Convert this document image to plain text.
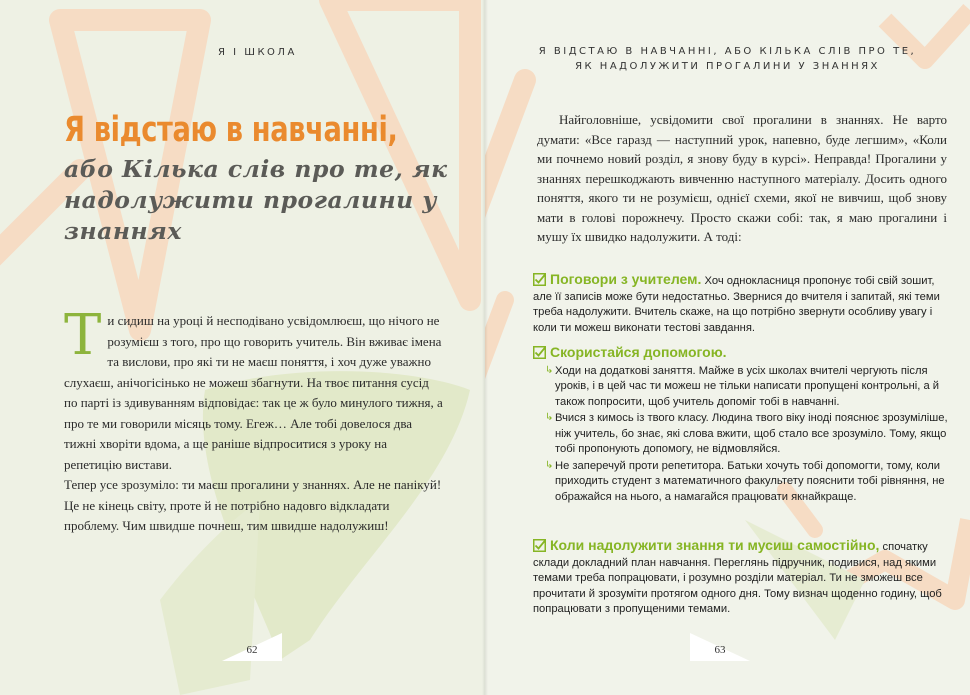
Я І ШКОЛА
Я відстаю в навчанні,
або Кілька слів про те, як надолужити прогалини у знаннях
Т и сидиш на уроці й несподівано усвідомлюєш, що нічого не розумієш з того, про що говорить учитель. Він вживає імена та вислови, про які ти не маєш поняття, і хоч дуже уважно слухаєш, анічогісінько не можеш збагнути. На твоє питання сусід по парті із здивуванням відповідає: так це ж було минулого тижня, а про те ми говорили місяць тому. Егеж… Але тобі довелося два тижні хворіти вдома, а ще раніше відпроситися з уроку на репетицію вистави.

Тепер усе зрозуміло: ти маєш прогалини у знаннях. Але не панікуй! Це не кінець світу, проте й не потрібно надовго відкладати проблему. Чим швидше почнеш, тим швидше надолужиш!

62
Я ВІДСТАЮ В НАВЧАННІ, АБО КІЛЬКА СЛІВ ПРО ТЕ,
ЯК НАДОЛУЖИТИ ПРОГАЛИНИ У ЗНАННЯХ

Найголовніше, усвідомити свої прогалини в знаннях. Не варто думати: «Все гаразд — наступний урок, напевно, буде легшим», «Коли ми почнемо новий розділ, я знову буду в курсі». Неправда! Прогалини у знаннях перешкоджають вивченню наступного матеріалу. Досить одного поняття, якого ти не розумієш, однієї схеми, якої не вивчиш, щоб знову мати в голові порожнечу. Просто скажи собі: так, я маю прогалини і мушу їх швидко надолужити. А тоді:

Поговори з учителем. Хоч однокласниця пропонує тобі свій зошит, але її записів може бути недостатньо. Звернися до вчителя і запитай, які теми треба надолужити. Вчитель скаже, на що потрібно звернути особливу увагу і коли ти можеш виконати тестові завдання.
Скористайся допомогою.
↳ Ходи на додаткові заняття. Майже в усіх школах вчителі чергують після уроків, і в цей час ти можеш не тільки написати пропущені контрольні, а й також попросити, щоб учитель допоміг тобі в навчанні.
↳ Вчися з кимось із твого класу. Людина твого віку іноді пояснює зрозуміліше, ніж учитель, бо знає, які слова вжити, щоб стало все зрозуміло. Тому, якщо тобі пропонують допомогу, не відмовляйся.
↳ Не заперечуй проти репетитора. Батьки хочуть тобі допомогти, тому, коли приходить студент з математичного факультету пояснити тобі рівняння, не ображайся на нього, а намагайся працювати якнайкраще.
Коли надолужити знання ти мусиш самостійно, спочатку склади докладний план навчання. Переглянь підручник, подивися, над якими темами треба попрацювати, і розумно розділи матеріал. Ти не зможеш все прочитати й зрозуміти протягом одного дня. Тому визнач щоденно годину, щоб попрацювати з пропущеними темами.
63
